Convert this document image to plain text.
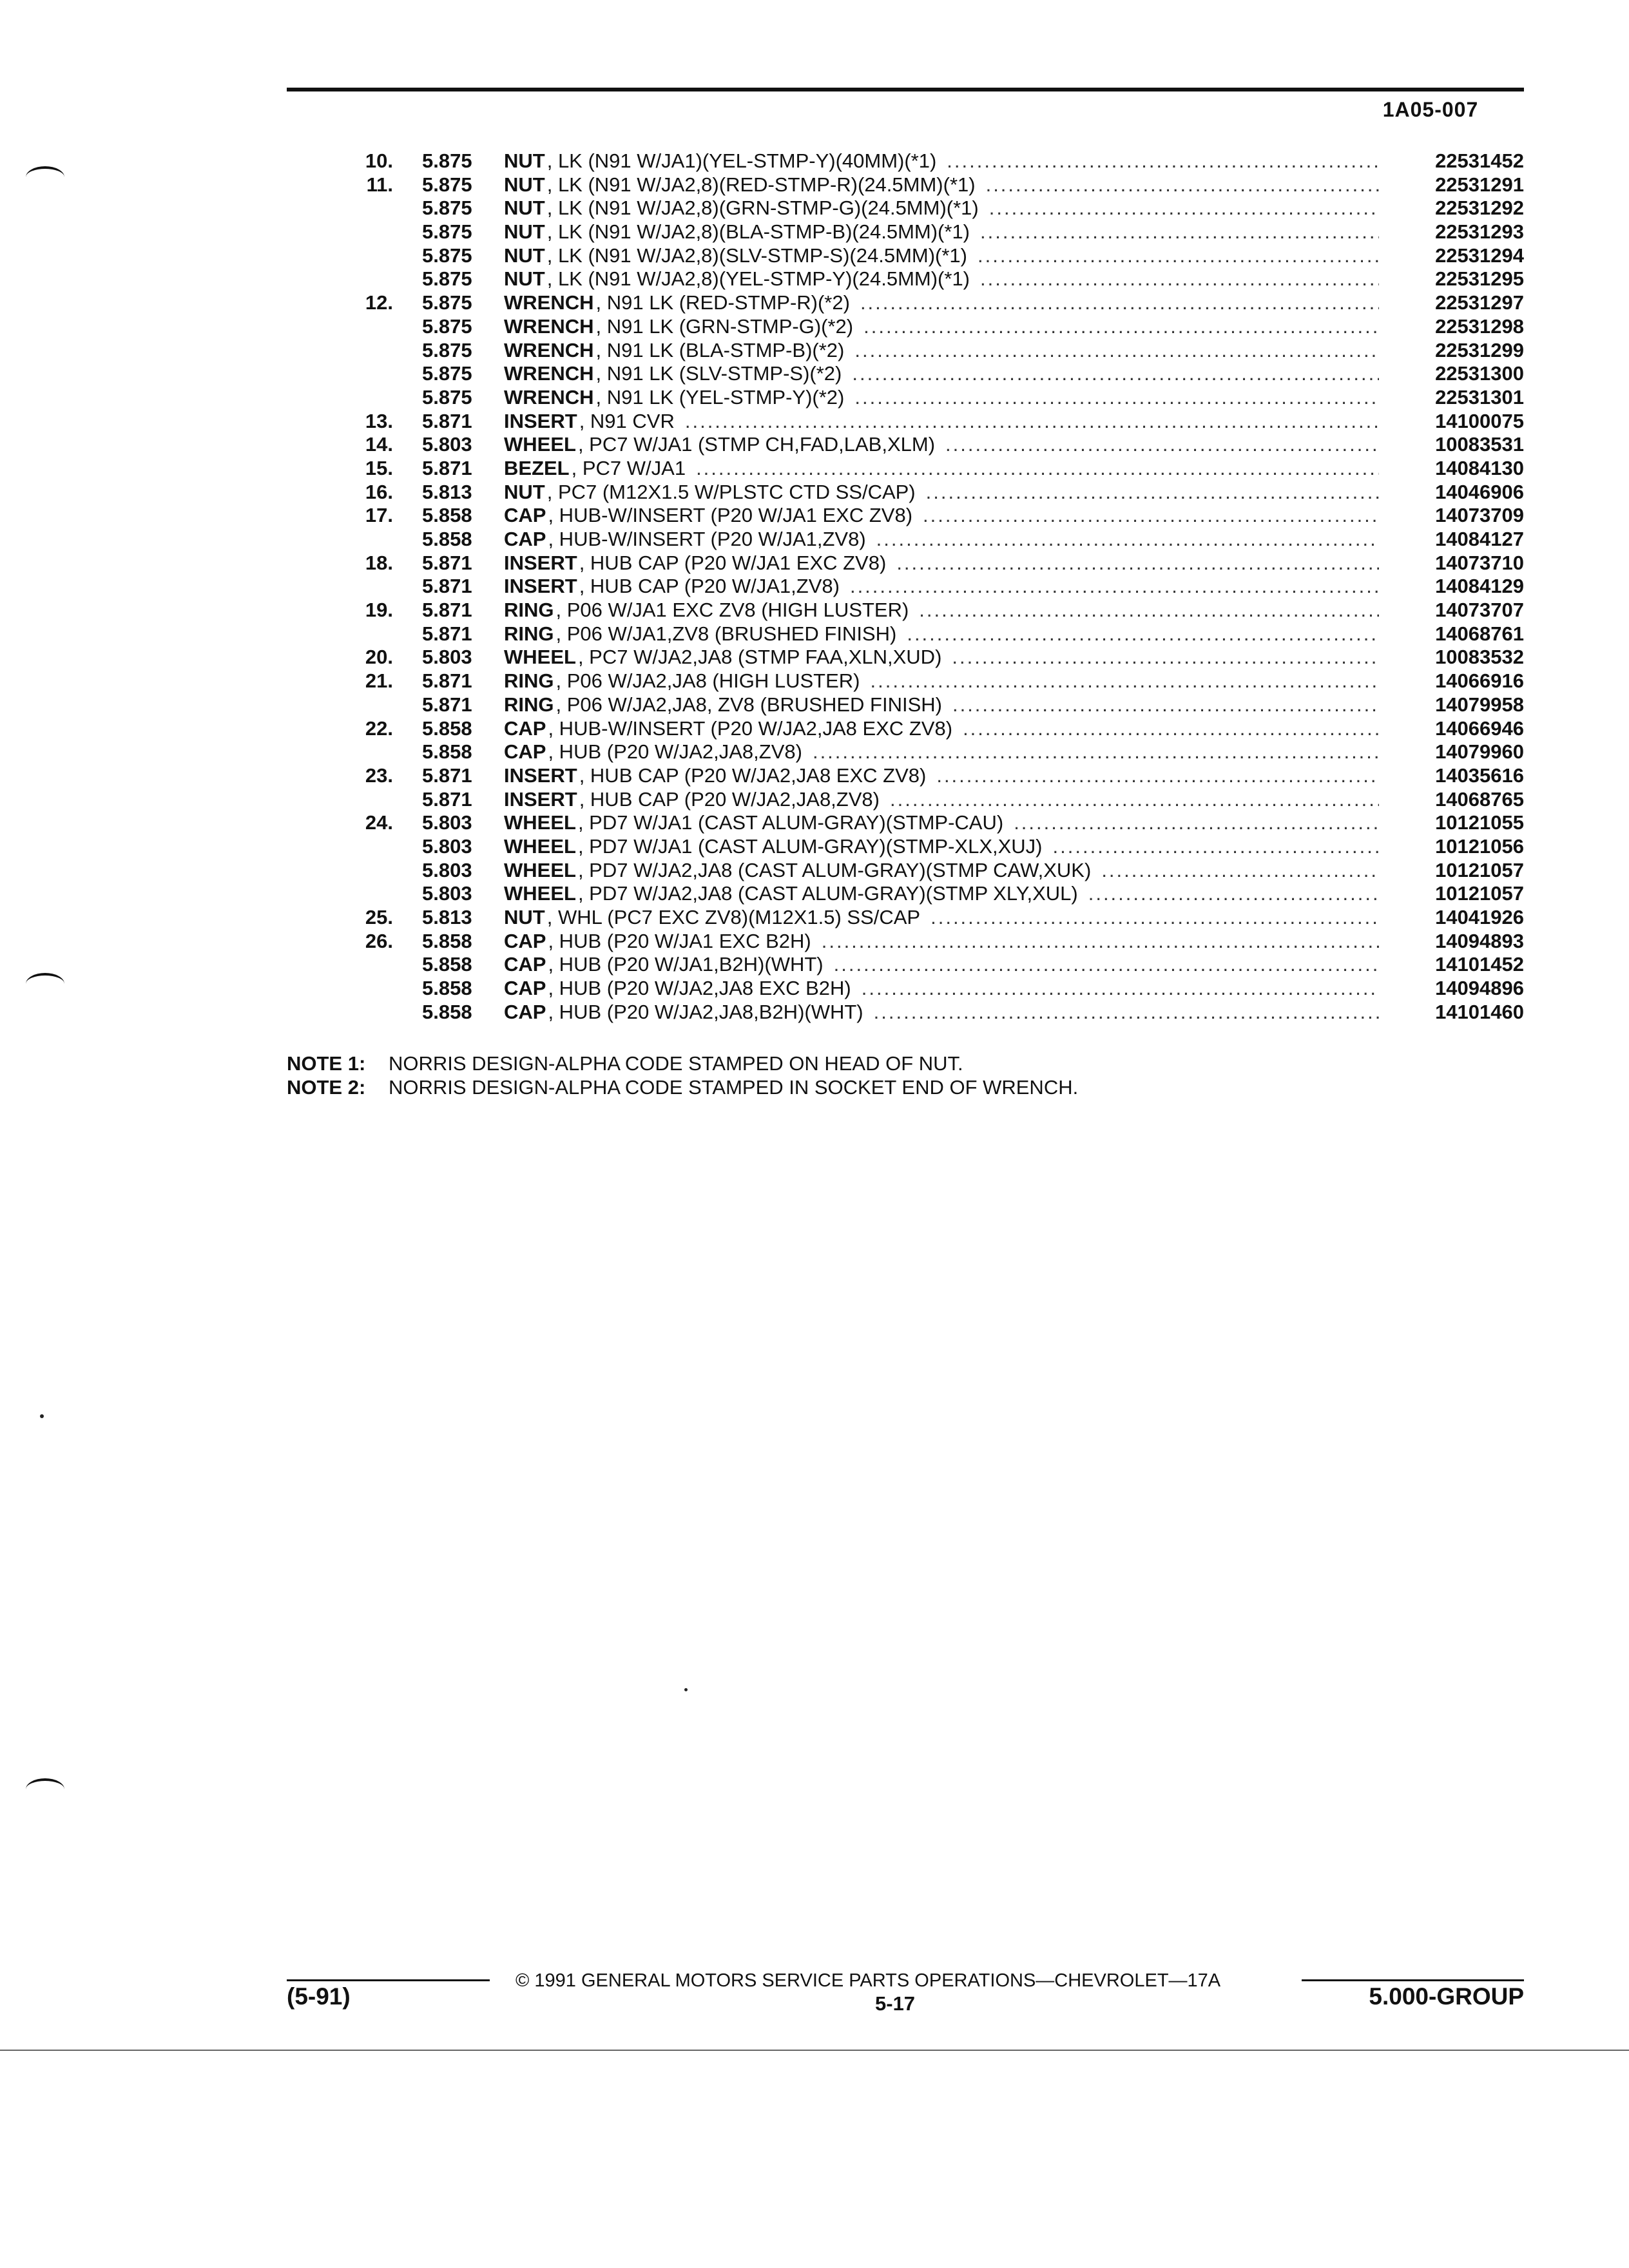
1A05-007
10. 5.875 NUT , LK (N91 W/JA1)(YEL-STMP-Y)(40MM)(*1) .....	22531452
11. 5.875 NUT , LK (N91 W/JA2,8)(RED-STMP-R)(24.5MM)(*1) .....	22531291
5.875 NUT , LK (N91 W/JA2,8)(GRN-STMP-G)(24.5MM)(*1) .....	22531292
5.875 NUT , LK (N91 W/JA2,8)(BLA-STMP-B)(24.5MM)(*1) .....	22531293
5.875 NUT , LK (N91 W/JA2,8)(SLV-STMP-S)(24.5MM)(*1) .....	22531294
5.875 NUT , LK (N91 W/JA2,8)(YEL-STMP-Y)(24.5MM)(*1) .....	22531295
12. 5.875 WRENCH , N91 LK (RED-STMP-R)(*2) .....	22531297
5.875 WRENCH , N91 LK (GRN-STMP-G)(*2) .....	22531298
5.875 WRENCH , N91 LK (BLA-STMP-B)(*2) .....	22531299
5.875 WRENCH , N91 LK (SLV-STMP-S)(*2) .....	22531300
5.875 WRENCH , N91 LK (YEL-STMP-Y)(*2) .....	22531301
13. 5.871 INSERT , N91 CVR .....	14100075
14. 5.803 WHEEL , PC7 W/JA1 (STMP CH,FAD,LAB,XLM) .....	10083531
15. 5.871 BEZEL , PC7 W/JA1 .....	14084130
16. 5.813 NUT , PC7 (M12X1.5 W/PLSTC CTD SS/CAP) .....	14046906
17. 5.858 CAP , HUB-W/INSERT (P20 W/JA1 EXC ZV8) .....	14073709
5.858 CAP , HUB-W/INSERT (P20 W/JA1,ZV8) .....	14084127
18. 5.871 INSERT , HUB CAP (P20 W/JA1 EXC ZV8) .....	14073710
5.871 INSERT , HUB CAP (P20 W/JA1,ZV8) .....	14084129
19. 5.871 RING , P06 W/JA1 EXC ZV8 (HIGH LUSTER) .....	14073707
5.871 RING , P06 W/JA1,ZV8 (BRUSHED FINISH) .....	14068761
20. 5.803 WHEEL , PC7 W/JA2,JA8 (STMP FAA,XLN,XUD) .....	10083532
21. 5.871 RING , P06 W/JA2,JA8 (HIGH LUSTER) .....	14066916
5.871 RING , P06 W/JA2,JA8, ZV8 (BRUSHED FINISH) .....	14079958
22. 5.858 CAP , HUB-W/INSERT (P20 W/JA2,JA8 EXC ZV8) .....	14066946
5.858 CAP , HUB (P20 W/JA2,JA8,ZV8) .....	14079960
23. 5.871 INSERT , HUB CAP (P20 W/JA2,JA8 EXC ZV8) .....	14035616
5.871 INSERT , HUB CAP (P20 W/JA2,JA8,ZV8) .....	14068765
24. 5.803 WHEEL , PD7 W/JA1 (CAST ALUM-GRAY)(STMP-CAU) .....	10121055
5.803 WHEEL , PD7 W/JA1 (CAST ALUM-GRAY)(STMP-XLX,XUJ) .....	10121056
5.803 WHEEL , PD7 W/JA2,JA8 (CAST ALUM-GRAY)(STMP CAW,XUK) .....	10121057
5.803 WHEEL , PD7 W/JA2,JA8 (CAST ALUM-GRAY)(STMP XLY,XUL) .....	10121057
25. 5.813 NUT , WHL (PC7 EXC ZV8)(M12X1.5) SS/CAP .....	14041926
26. 5.858 CAP , HUB (P20 W/JA1 EXC B2H) .....	14094893
5.858 CAP , HUB (P20 W/JA1,B2H)(WHT) .....	14101452
5.858 CAP , HUB (P20 W/JA2,JA8 EXC B2H) .....	14094896
5.858 CAP , HUB (P20 W/JA2,JA8,B2H)(WHT) .....	14101460
NOTE 1:	NORRIS DESIGN-ALPHA CODE STAMPED ON HEAD OF NUT.
NOTE 2:	NORRIS DESIGN-ALPHA CODE STAMPED IN SOCKET END OF WRENCH.
© 1991 GENERAL MOTORS SERVICE PARTS OPERATIONS—CHEVROLET—17A
(5-91)	5-17	5.000-GROUP
